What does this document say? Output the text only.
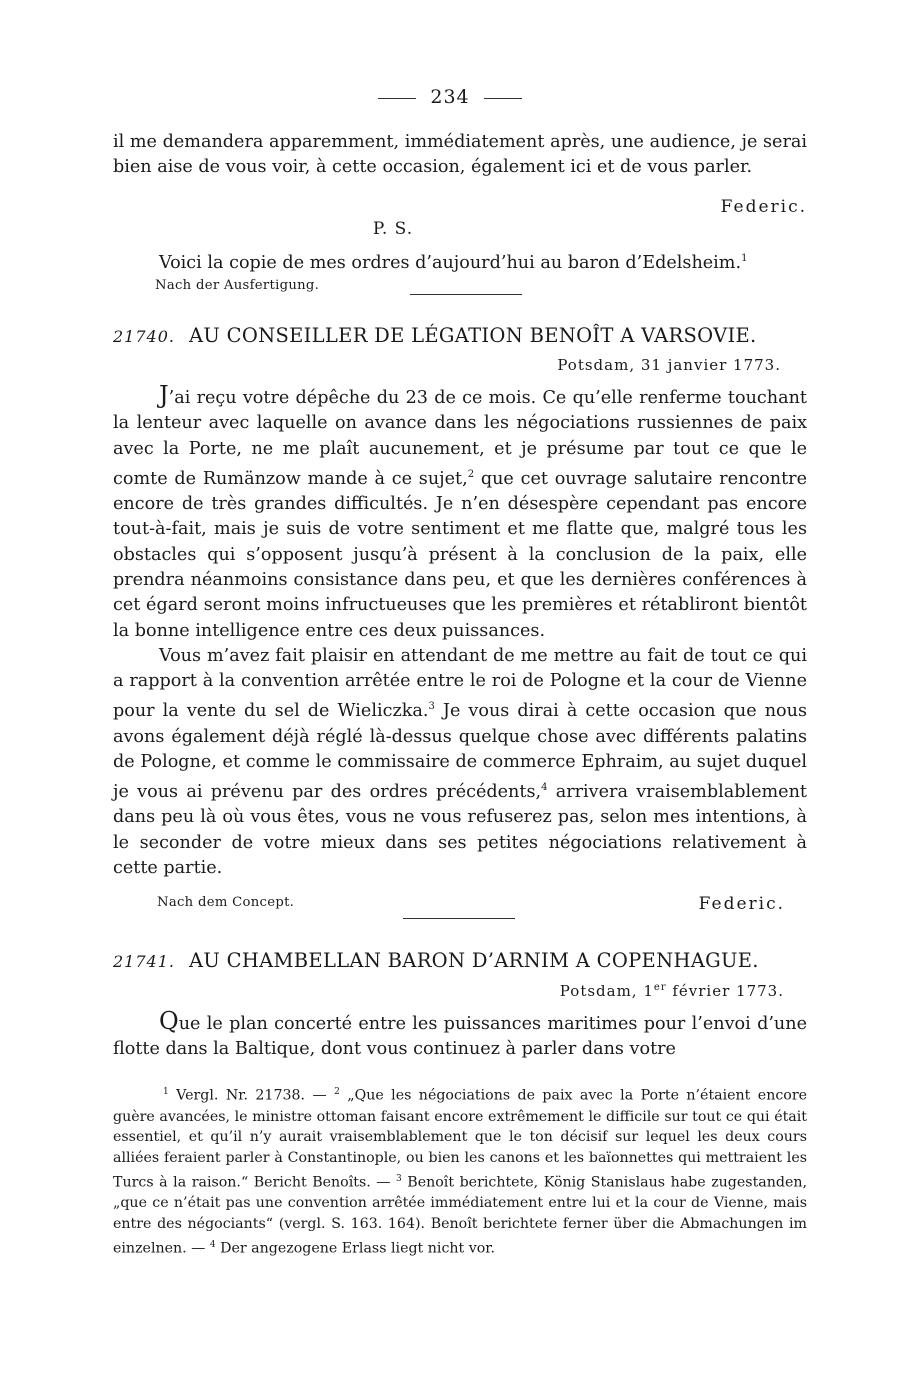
234

il me demandera apparemment, immédiatement après, une audience, je serai bien aise de vous voir, à cette occasion, également ici et de vous parler.

Federic.
P. S.

Voici la copie de mes ordres d’aujourd’hui au baron d’Edelsheim.$^1$

Nach der Ausfertigung.
21740. AU CONSEILLER DE LÉGATION BENOÎT A VARSOVIE.
Potsdam, 31 janvier 1773.

J’ai reçu votre dépêche du 23 de ce mois. Ce qu’elle renferme touchant la lenteur avec laquelle on avance dans les négociations russiennes de paix avec la Porte, ne me plaît aucunement, et je présume par tout ce que le comte de Rumänzow mande à ce sujet,$^2$ que cet ouvrage salutaire rencontre encore de très grandes difficultés. Je n’en désespère cependant pas encore tout-à-fait, mais je suis de votre sentiment et me flatte que, malgré tous les obstacles qui s’opposent jusqu’à présent à la conclusion de la paix, elle prendra néanmoins consistance dans peu, et que les dernières conférences à cet égard seront moins infructueuses que les premières et rétabliront bientôt la bonne intelligence entre ces deux puissances.

Vous m’avez fait plaisir en attendant de me mettre au fait de tout ce qui a rapport à la convention arrêtée entre le roi de Pologne et la cour de Vienne pour la vente du sel de Wieliczka.$^3$ Je vous dirai à cette occasion que nous avons également déjà réglé là-dessus quelque chose avec différents palatins de Pologne, et comme le commissaire de commerce Ephraim, au sujet duquel je vous ai prévenu par des ordres précédents,$^4$ arrivera vraisemblablement dans peu là où vous êtes, vous ne vous refuserez pas, selon mes intentions, à le seconder de votre mieux dans ses petites négociations relativement à cette partie.

Nach dem Concept.	Federic.
21741. AU CHAMBELLAN BARON D’ARNIM A COPENHAGUE.
Potsdam, 1er février 1773.

Que le plan concerté entre les puissances maritimes pour l’envoi d’une flotte dans la Baltique, dont vous continuez à parler dans votre

$^1$ Vergl. Nr. 21738. — $^2$ „Que les négociations de paix avec la Porte n’étaient encore guère avancées, le ministre ottoman faisant encore extrêmement le difficile sur tout ce qui était essentiel, et qu’il n’y aurait vraisemblablement que le ton décisif sur lequel les deux cours alliées feraient parler à Constantinople, ou bien les canons et les baïonnettes qui mettraient les Turcs à la raison.“ Bericht Benoîts. — $^3$ Benoît berichtete, König Stanislaus habe zugestanden, „que ce n’était pas une convention arrêtée immédiatement entre lui et la cour de Vienne, mais entre des négociants“ (vergl. S. 163. 164). Benoît berichtete ferner über die Abmachungen im einzelnen. — $^4$ Der angezogene Erlass liegt nicht vor.
